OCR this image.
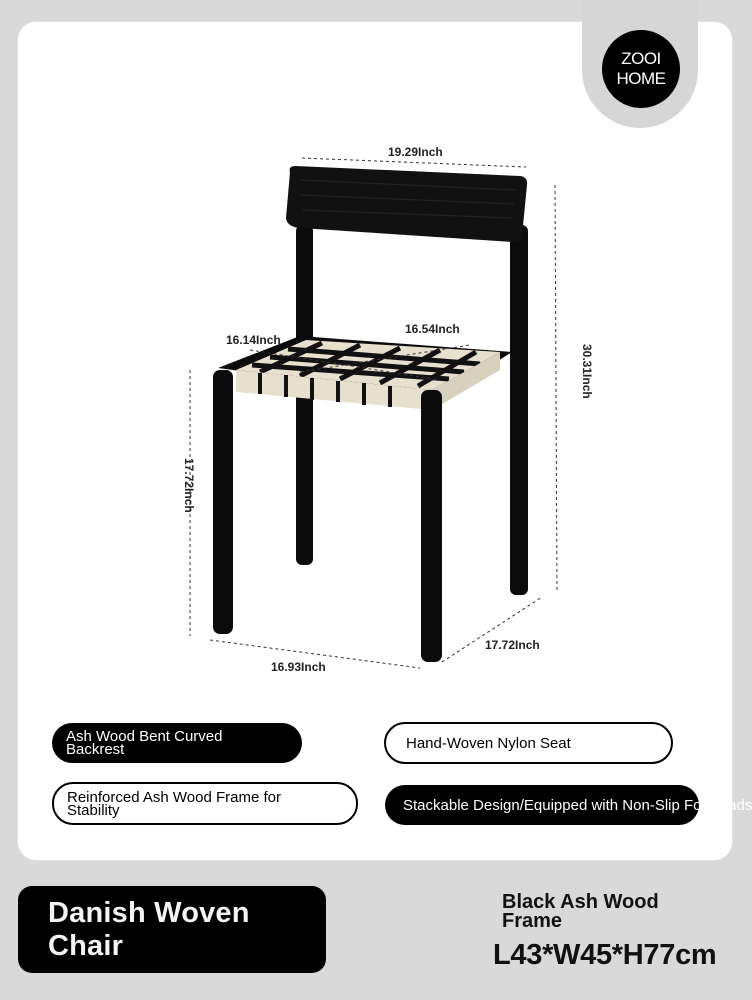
ZOOI
HOME
19.29Inch
30.31Inch
16.14Inch
16.54Inch
17.72Inch
16.93Inch
17.72Inch
Ash Wood Bent Curved Backrest	Hand-Woven Nylon Seat
Reinforced Ash Wood Frame for Stability	Stackable Design/Equipped with Non-Slip Foot Pads
Danish Woven Chair
Black Ash Wood Frame
L43*W45*H77cm
